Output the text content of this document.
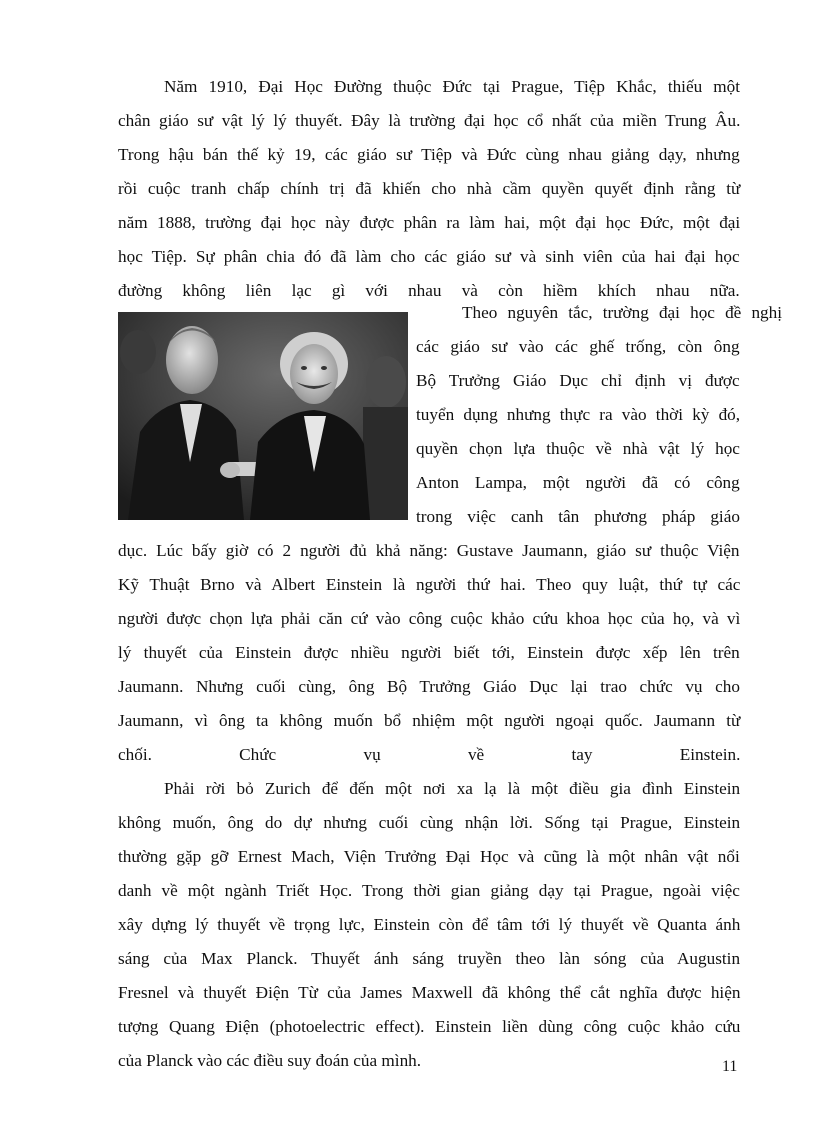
Năm 1910, Đại Học Đường thuộc Đức tại Prague, Tiệp Khắc, thiếu một
chân giáo sư vật lý lý thuyết. Đây là trường đại học cổ nhất của miền Trung Âu.
Trong hậu bán thế kỷ 19, các giáo sư Tiệp và Đức cùng nhau giảng dạy, nhưng
rồi cuộc tranh chấp chính trị đã khiến cho nhà cầm quyền quyết định rằng từ
năm 1888, trường đại học này được phân ra làm hai, một đại học Đức, một đại
học Tiệp. Sự phân chia đó đã làm cho các giáo sư và sinh viên của hai đại học
đường không liên lạc gì với nhau và còn hiềm khích nhau nữa.
Theo nguyên tắc, trường đại học đề nghị
các giáo sư vào các ghế trống, còn ông
Bộ Trưởng Giáo Dục chỉ định vị được
tuyển dụng nhưng thực ra vào thời kỳ đó,
quyền chọn lựa thuộc về nhà vật lý học
Anton Lampa, một người đã có công
trong việc canh tân phương pháp giáo
dục. Lúc bấy giờ có 2 người đủ khả năng: Gustave Jaumann, giáo sư thuộc Viện
Kỹ Thuật Brno và Albert Einstein là người thứ hai. Theo quy luật, thứ tự các
người được chọn lựa phải căn cứ vào công cuộc khảo cứu khoa học của họ, và vì
lý thuyết của Einstein được nhiều người biết tới, Einstein được xếp lên trên
Jaumann. Nhưng cuối cùng, ông Bộ Trưởng Giáo Dục lại trao chức vụ cho
Jaumann, vì ông ta không muốn bổ nhiệm một người ngoại quốc. Jaumann từ
chối. Chức vụ về tay Einstein.
Phải rời bỏ Zurich để đến một nơi xa lạ là một điều gia đình Einstein
không muốn, ông do dự nhưng cuối cùng nhận lời. Sống tại Prague, Einstein
thường gặp gỡ Ernest Mach, Viện Trưởng Đại Học và cũng là một nhân vật nổi
danh về một ngành Triết Học. Trong thời gian giảng dạy tại Prague, ngoài việc
xây dựng lý thuyết về trọng lực, Einstein còn để tâm tới lý thuyết về Quanta ánh
sáng của Max Planck. Thuyết ánh sáng truyền theo làn sóng của Augustin
Fresnel và thuyết Điện Từ của James Maxwell đã không thể cắt nghĩa được hiện
tượng Quang Điện (photoelectric effect). Einstein liền dùng công cuộc khảo cứu
của Planck vào các điều suy đoán của mình.	11
